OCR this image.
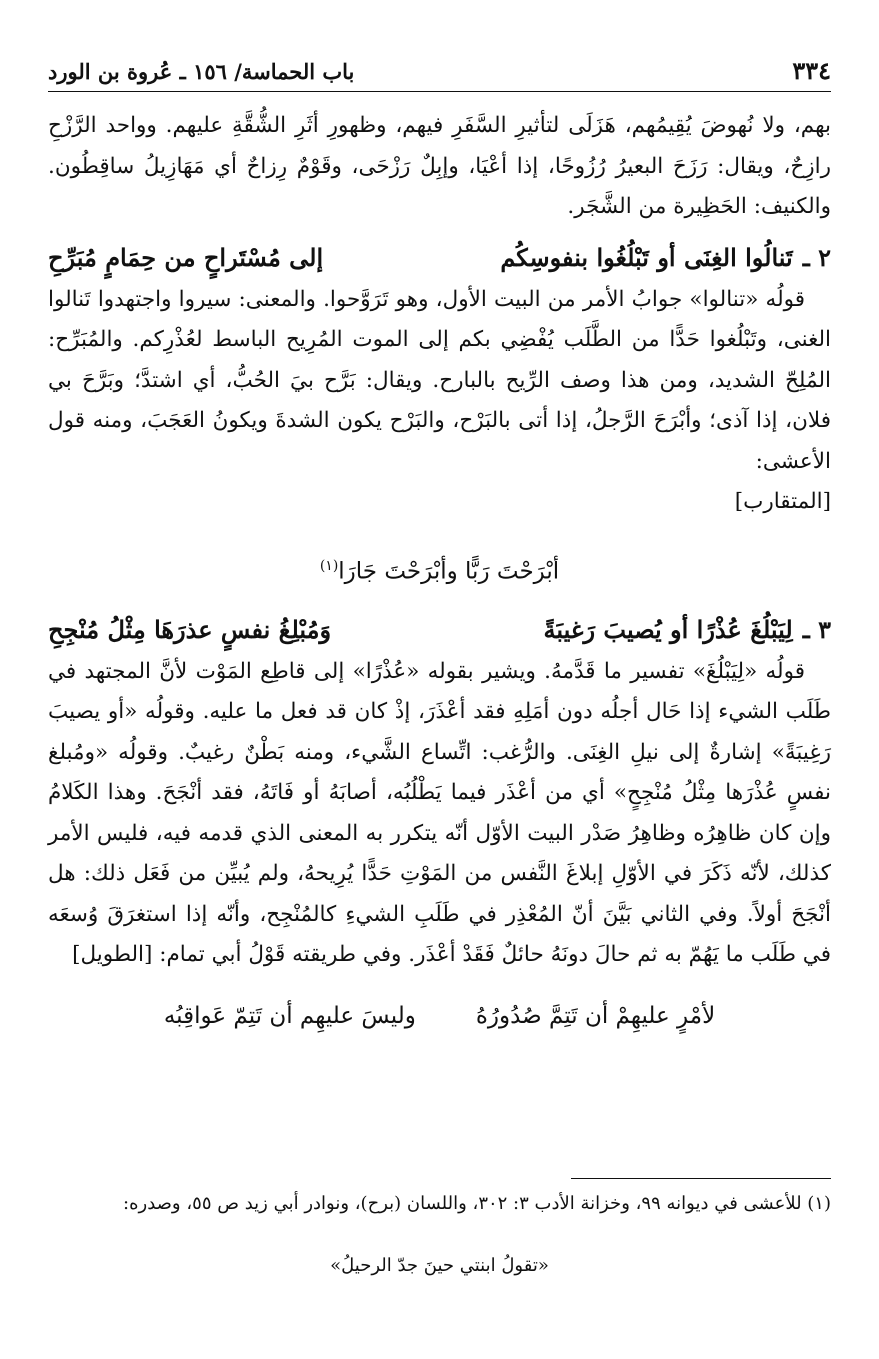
٣٣٤
باب الحماسة/ ١٥٦ ـ عُروة بن الورد

بهم، ولا نُهوضَ يُقِيمُهم، هَزَلَى لتأثيرِ السَّفَرِ فيهم، وظهورِ أثَرِ الشُّقَّةِ عليهم. وواحد الرَّزْحِ رازِحٌ، ويقال: رَزَحَ البعيرُ رُزُوحًا، إذا أعْيَا، وإبِلٌ رَزْحَى، وقَوْمٌ رِزاحٌ أي مَهَازِيلُ ساقِطُون. والكنيف: الحَظِيرة من الشَّجَر.

٢ ـ
تَنالُوا الغِنَى أو تَبْلُغُوا بنفوسِكُم
إلى مُسْتَراحٍ من حِمَامٍ مُبَرِّحِ

قولُه «تنالوا» جوابُ الأمر من البيت الأول، وهو تَرَوَّحوا. والمعنى: سيروا واجتهدوا تَنالوا الغنى، وتَبْلُغوا حَدًّا من الطَّلَب يُفْضِي بكم إلى الموت المُرِيح الباسط لعُذْرِكم. والمُبَرِّح: المُلِحّ الشديد، ومن هذا وصف الرِّيح بالبارح. ويقال: بَرَّح بيَ الحُبُّ، أي اشتدَّ؛ وبَرَّحَ بي فلان، إذا آذى؛ وأبْرَحَ الرَّجلُ، إذا أتى بالبَرْح، والبَرْح يكون الشدةَ ويكونُ العَجَبَ، ومنه قول الأعشى:

[المتقارب]
أبْرَحْتَ رَبًّا وأبْرَحْتَ جَارَا$^{(١)}$
٣ ـ
لِيَبْلُغَ عُذْرًا أو يُصيبَ رَغيبَةً
وَمُبْلِغُ نفسٍ عذرَهَا مِثْلُ مُنْجِحِ

قولُه «لِيَبْلُغَ» تفسير ما قَدَّمهُ. ويشير بقوله «عُذْرًا» إلى قاطِع المَوْت لأنَّ المجتهد في طَلَب الشيء إذا حَال أجلُه دون أمَلِهِ فقد أعْذَرَ، إذْ كان قد فعل ما عليه. وقولُه «أو يصيبَ رَغِيبَةً» إشارةٌ إلى نيلِ الغِنَى. والرُّغب: اتِّساع الشَّيء، ومنه بَطْنٌ رغيبٌ. وقولُه «ومُبلغ نفسٍ عُذْرَها مِثْلُ مُنْجِحٍ» أي من أعْذَر فيما يَطْلُبُه، أصابَهُ أو فَاتَهُ، فقد أنْجَحَ. وهذا الكَلامُ وإن كان ظاهِرُه وظاهِرُ صَدْر البيت الأوّل أنّه يتكرر به المعنى الذي قدمه فيه، فليس الأمر كذلك، لأنّه ذَكَرَ في الأوّلِ إبلاغَ النَّفس من المَوْتِ حَدًّا يُرِيحهُ، ولم يُبيِّن من فَعَل ذلك: هل أنْجَحَ أولاً. وفي الثاني بَيَّنَ أنّ المُعْذِر في طَلَبِ الشيءِ كالمُنْجِح، وأنّه إذا استغرَقَ وُسعَه في طَلَب ما يَهُمّ به ثم حالَ دونَهُ حائلٌ فَقَدْ أعْذَر. وفي طريقته قَوْلُ أبي تمام: [الطويل]

لأمْرٍ عليهِمْ أن تَتِمَّ صُدُورُهُ
وليسَ عليهِم أن تَتِمّ عَواقِبُه
(١) للأعشى في ديوانه ٩٩، وخزانة الأدب ٣: ٣٠٢، واللسان (برح)، ونوادر أبي زيد ص ٥٥، وصدره:
«تقولُ ابنتي حينَ جدّ الرحيلُ»
